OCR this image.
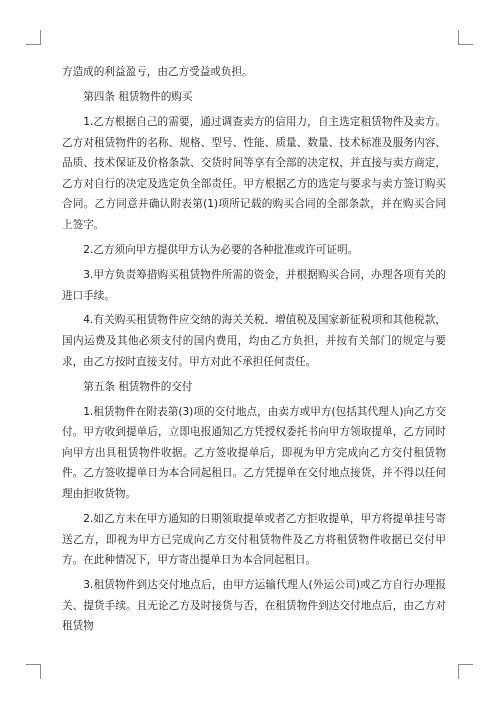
方造成的利益盈亏，由乙方受益或负担。

第四条 租赁物件的购买

1.乙方根据自己的需要，通过调查卖方的信用力，自主选定租赁物件及卖方。乙方对租赁物件的名称、规格、型号、性能、质量、数量、技术标准及服务内容、品质、技术保证及价格条款、交货时间等享有全部的决定权，并直接与卖方商定，乙方对自行的决定及选定负全部责任。甲方根据乙方的选定与要求与卖方签订购买合同。乙方同意并确认附表第(1)项所记载的购买合同的全部条款，并在购买合同上签字。

2.乙方须向甲方提供甲方认为必要的各种批准或许可证明。

3.甲方负责筹措购买租赁物件所需的资金，并根据购买合同，办理各项有关的进口手续。

4.有关购买租赁物件应交纳的海关关税、增值税及国家新征税项和其他税款，国内运费及其他必须支付的国内费用，均由乙方负担，并按有关部门的规定与要求，由乙方按时直接支付。甲方对此不承担任何责任。

第五条 租赁物件的交付

1.租赁物件在附表第(3)项的交付地点，由卖方或甲方(包括其代理人)向乙方交付。甲方收到提单后，立即电报通知乙方凭授权委托书向甲方领取提单，乙方同时向甲方出具租赁物件收据。乙方签收提单后，即视为甲方完成向乙方交付租赁物件。乙方签收提单日为本合同起租日。乙方凭提单在交付地点接货，并不得以任何理由拒收货物。

2.如乙方未在甲方通知的日期领取提单或者乙方拒收提单，甲方将提单挂号寄送乙方，即视为甲方已完成向乙方交付租赁物件及乙方将租赁物件收据已交付甲方。在此种情况下，甲方寄出提单日为本合同起租日。

3.租赁物件到达交付地点后，由甲方运输代理人(外运公司)或乙方自行办理报关、提货手续。且无论乙方及时接货与否，在租赁物件到达交付地点后，由乙方对租赁物
